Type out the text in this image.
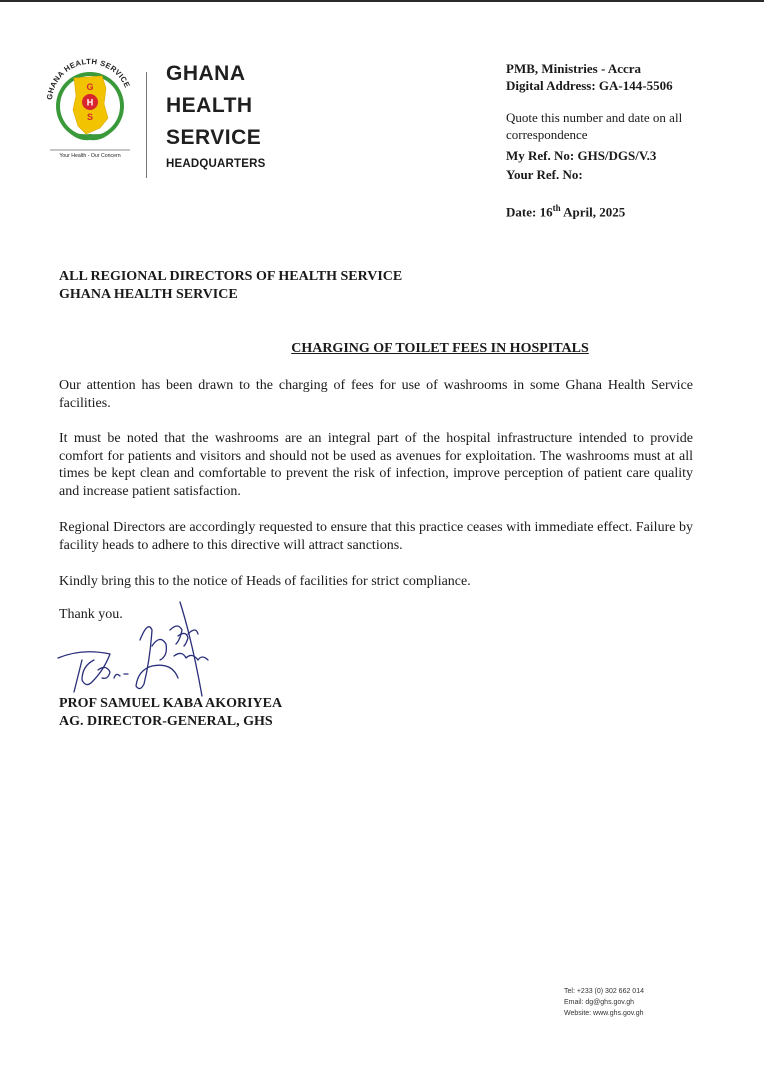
GHANA HEALTH SERVICE
G
H
S
Your Health - Our Concern
GHANA
HEALTH
SERVICE
HEADQUARTERS
PMB, Ministries - Accra
Digital Address: GA-144-5506
Quote this number and date on all correspondence
My Ref. No: GHS/DGS/V.3
Your Ref. No:
Date: 16th April, 2025
ALL REGIONAL DIRECTORS OF HEALTH SERVICE
GHANA HEALTH SERVICE
CHARGING OF TOILET FEES IN HOSPITALS
Our attention has been drawn to the charging of fees for use of washrooms in some Ghana Health Service facilities.
It must be noted that the washrooms are an integral part of the hospital infrastructure intended to provide comfort for patients and visitors and should not be used as avenues for exploitation. The washrooms must at all times be kept clean and comfortable to prevent the risk of infection, improve perception of patient care quality and increase patient satisfaction.
Regional Directors are accordingly requested to ensure that this practice ceases with immediate effect. Failure by facility heads to adhere to this directive will attract sanctions.
Kindly bring this to the notice of Heads of facilities for strict compliance.
Thank you.
PROF SAMUEL KABA AKORIYEA
AG. DIRECTOR-GENERAL, GHS
Tel: +233 (0) 302 662 014
Email: dg@ghs.gov.gh
Website: www.ghs.gov.gh
